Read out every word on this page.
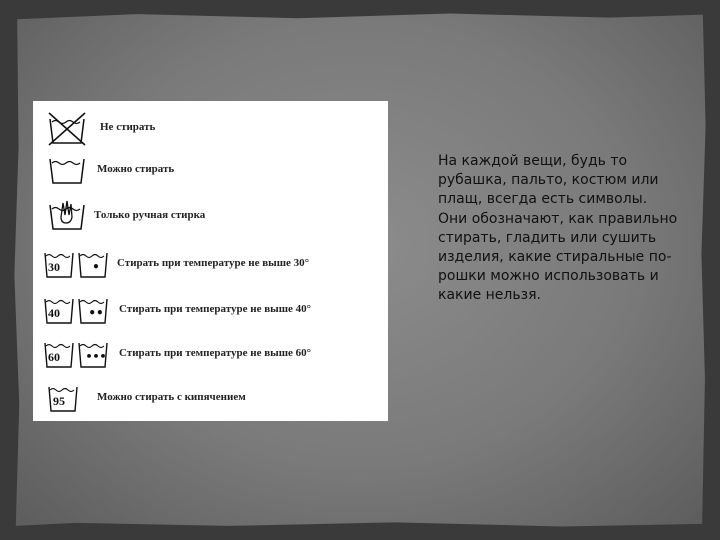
Не стирать
Можно стирать
Только ручная стирка
30	•	Стирать при температуре не выше 30°
40 •• Стирать при температуре не выше 40°
60 ••• Стирать при температуре не выше 60°
95	Можно стирать с кипячением

На каждой вещи, будь то рубашка, пальто, костюм или плащ, всегда есть символы. Они обозначают, как правильно стирать, гладить или сушить изделия, какие стиральные по-рошки можно использовать и какие нельзя.
